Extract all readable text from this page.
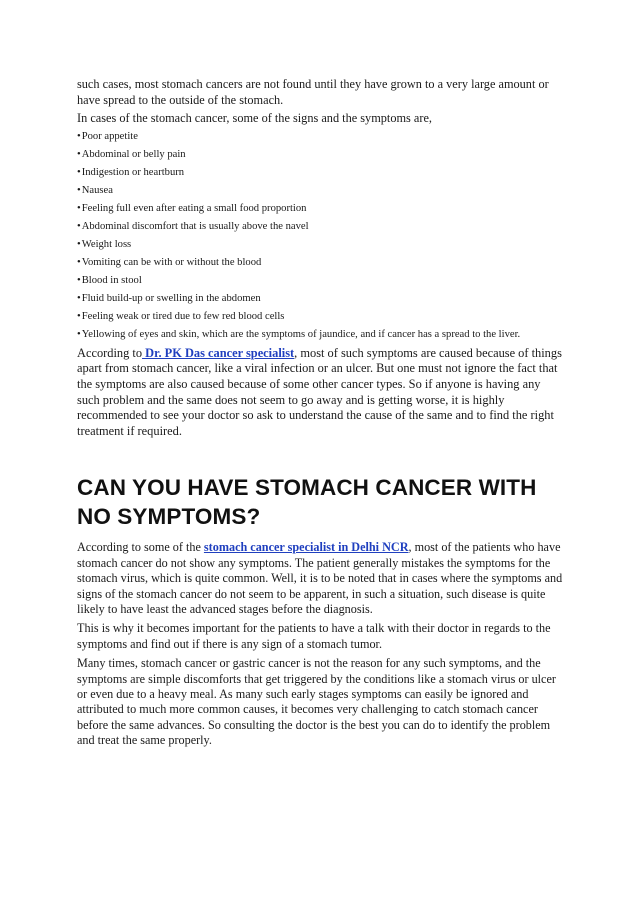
such cases, most stomach cancers are not found until they have grown to a very large amount or have spread to the outside of the stomach.

In cases of the stomach cancer, some of the signs and the symptoms are,

•Poor appetite
•Abdominal or belly pain
•Indigestion or heartburn
•Nausea
•Feeling full even after eating a small food proportion
•Abdominal discomfort that is usually above the navel
•Weight loss
•Vomiting can be with or without the blood
•Blood in stool
•Fluid build-up or swelling in the abdomen
•Feeling weak or tired due to few red blood cells
•Yellowing of eyes and skin, which are the symptoms of jaundice, and if cancer has a spread to the liver.

According to Dr. PK Das cancer specialist, most of such symptoms are caused because of things apart from stomach cancer, like a viral infection or an ulcer. But one must not ignore the fact that the symptoms are also caused because of some other cancer types. So if anyone is having any such problem and the same does not seem to go away and is getting worse, it is highly recommended to see your doctor so ask to understand the cause of the same and to find the right treatment if required.

CAN YOU HAVE STOMACH CANCER WITH NO SYMPTOMS?

According to some of the stomach cancer specialist in Delhi NCR, most of the patients who have stomach cancer do not show any symptoms. The patient generally mistakes the symptoms for the stomach virus, which is quite common. Well, it is to be noted that in cases where the symptoms and signs of the stomach cancer do not seem to be apparent, in such a situation, such disease is quite likely to have least the advanced stages before the diagnosis.

This is why it becomes important for the patients to have a talk with their doctor in regards to the symptoms and find out if there is any sign of a stomach tumor.

Many times, stomach cancer or gastric cancer is not the reason for any such symptoms, and the symptoms are simple discomforts that get triggered by the conditions like a stomach virus or ulcer or even due to a heavy meal. As many such early stages symptoms can easily be ignored and attributed to much more common causes, it becomes very challenging to catch stomach cancer before the same advances. So consulting the doctor is the best you can do to identify the problem and treat the same properly.
